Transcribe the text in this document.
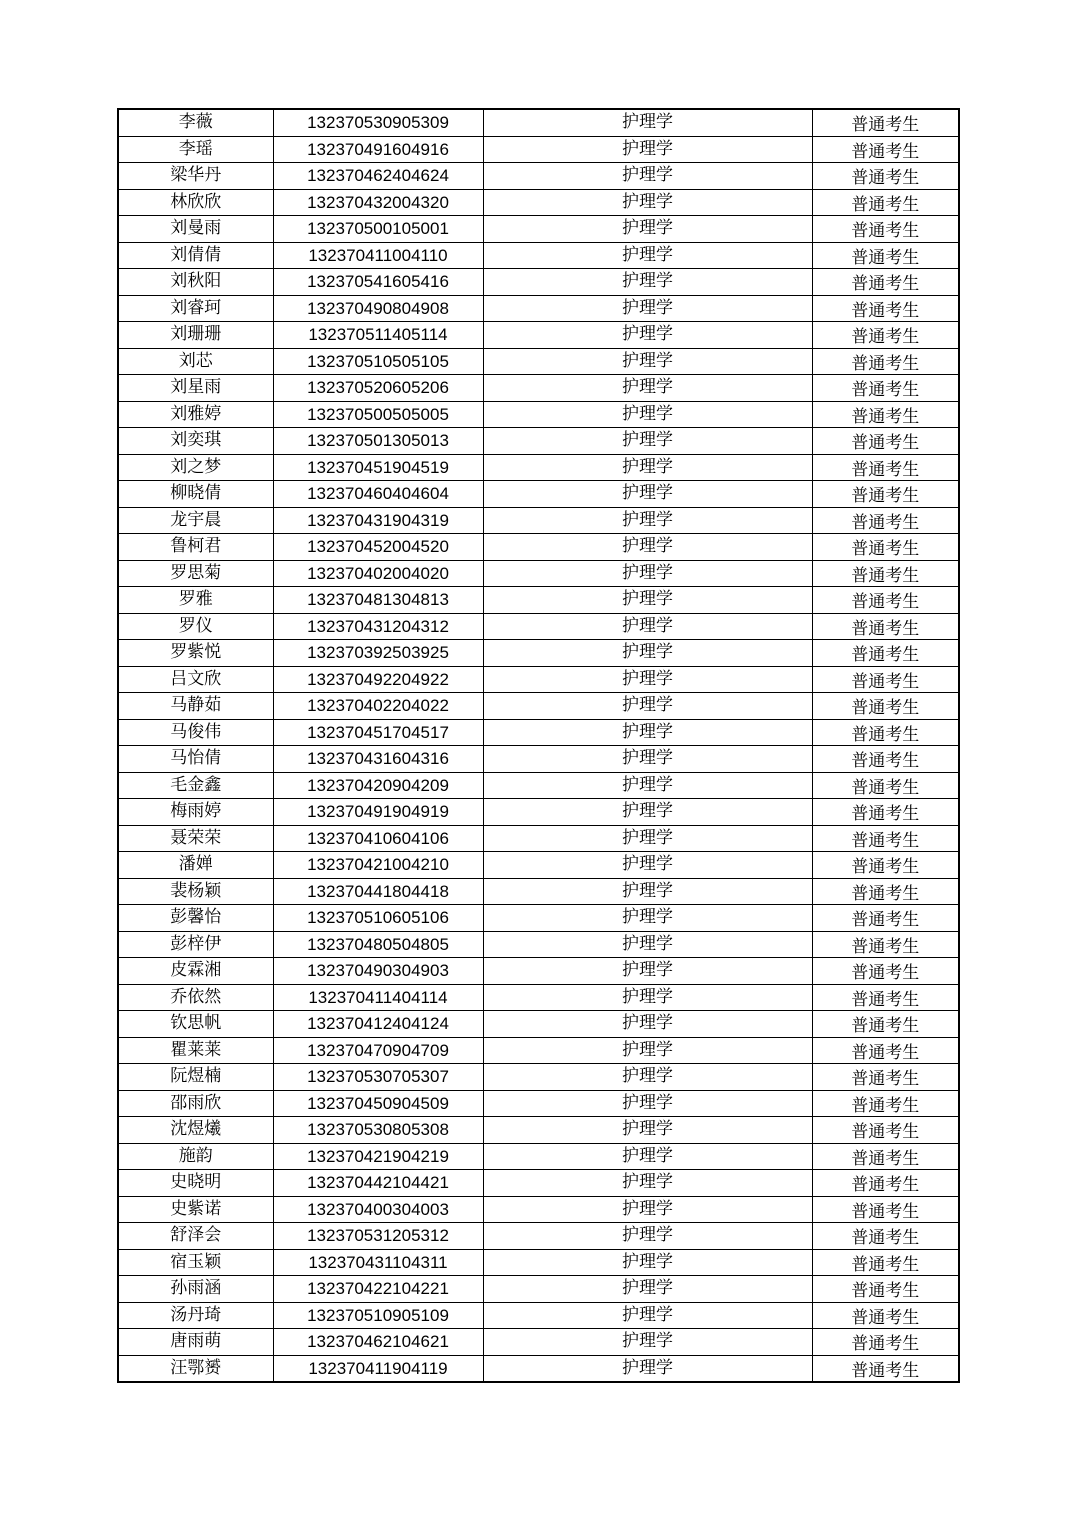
李薇	132370530905309	护理学	普通考生
李瑶	132370491604916	护理学	普通考生
梁华丹	132370462404624	护理学	普通考生
林欣欣	132370432004320	护理学	普通考生
刘曼雨	132370500105001	护理学	普通考生
刘倩倩	132370411004110	护理学	普通考生
刘秋阳	132370541605416	护理学	普通考生
刘睿珂	132370490804908	护理学	普通考生
刘珊珊	132370511405114	护理学	普通考生
刘芯	132370510505105	护理学	普通考生
刘星雨	132370520605206	护理学	普通考生
刘雅婷	132370500505005	护理学	普通考生
刘奕琪	132370501305013	护理学	普通考生
刘之梦	132370451904519	护理学	普通考生
柳晓倩	132370460404604	护理学	普通考生
龙宇晨	132370431904319	护理学	普通考生
鲁柯君	132370452004520	护理学	普通考生
罗思菊	132370402004020	护理学	普通考生
罗雅	132370481304813	护理学	普通考生
罗仪	132370431204312	护理学	普通考生
罗紫悦	132370392503925	护理学	普通考生
吕文欣	132370492204922	护理学	普通考生
马静茹	132370402204022	护理学	普通考生
马俊伟	132370451704517	护理学	普通考生
马怡倩	132370431604316	护理学	普通考生
毛金鑫	132370420904209	护理学	普通考生
梅雨婷	132370491904919	护理学	普通考生
聂荣荣	132370410604106	护理学	普通考生
潘婵	132370421004210	护理学	普通考生
裴杨颖	132370441804418	护理学	普通考生
彭馨怡	132370510605106	护理学	普通考生
彭梓伊	132370480504805	护理学	普通考生
皮霖湘	132370490304903	护理学	普通考生
乔依然	132370411404114	护理学	普通考生
钦思帆	132370412404124	护理学	普通考生
瞿莱莱	132370470904709	护理学	普通考生
阮煜楠	132370530705307	护理学	普通考生
邵雨欣	132370450904509	护理学	普通考生
沈煜爔	132370530805308	护理学	普通考生
施韵	132370421904219	护理学	普通考生
史晓明	132370442104421	护理学	普通考生
史紫诺	132370400304003	护理学	普通考生
舒泽会	132370531205312	护理学	普通考生
宿玉颖	132370431104311	护理学	普通考生
孙雨涵	132370422104221	护理学	普通考生
汤丹琦	132370510905109	护理学	普通考生
唐雨萌	132370462104621	护理学	普通考生
汪鄂赟	132370411904119	护理学	普通考生
